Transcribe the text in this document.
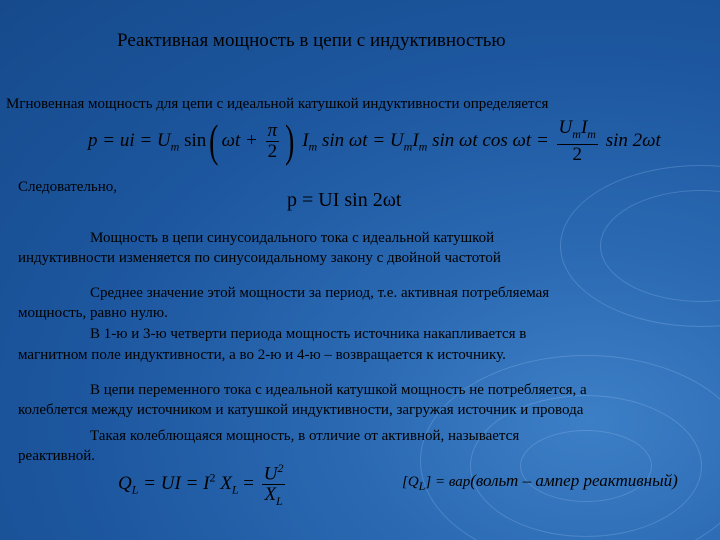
Реактивная мощность в цепи с индуктивностью

Мгновенная мощность для цепи с идеальной катушкой индуктивности определяется

p = ui = $U_m$ sin( $\omega t + \frac{\pi}{2}$ ) $I_m$ $\sin \omega t = U_mI_m$ sin ωt cos ωt =
$U_mI_m$
2
sin 2ωt

Следовательно,

p = UI sin 2ωt

Мощность в цепи синусоидального тока с идеальной катушкой

индуктивности изменяется по синусоидальному закону с двойной частотой

Среднее значение этой мощности за период, т.е. активная потребляемая

мощность, равно нулю.

В 1-ю и 3-ю четверти периода мощность источника накапливается в

магнитном поле индуктивности, а во 2-ю и 4-ю – возвращается к источнику.

В цепи переменного тока с идеальной катушкой мощность не потребляется, а

колеблется между источником и катушкой индуктивности, загружая источник и провода

Такая колеблющаяся мощность, в отличие от активной, называется

реактивной.

$Q_L$ = UI = $I^2$ $X_L = \frac{U^2}{X_L}$	$[Q_L]$ = вар(вольт – ампер реактивный)
